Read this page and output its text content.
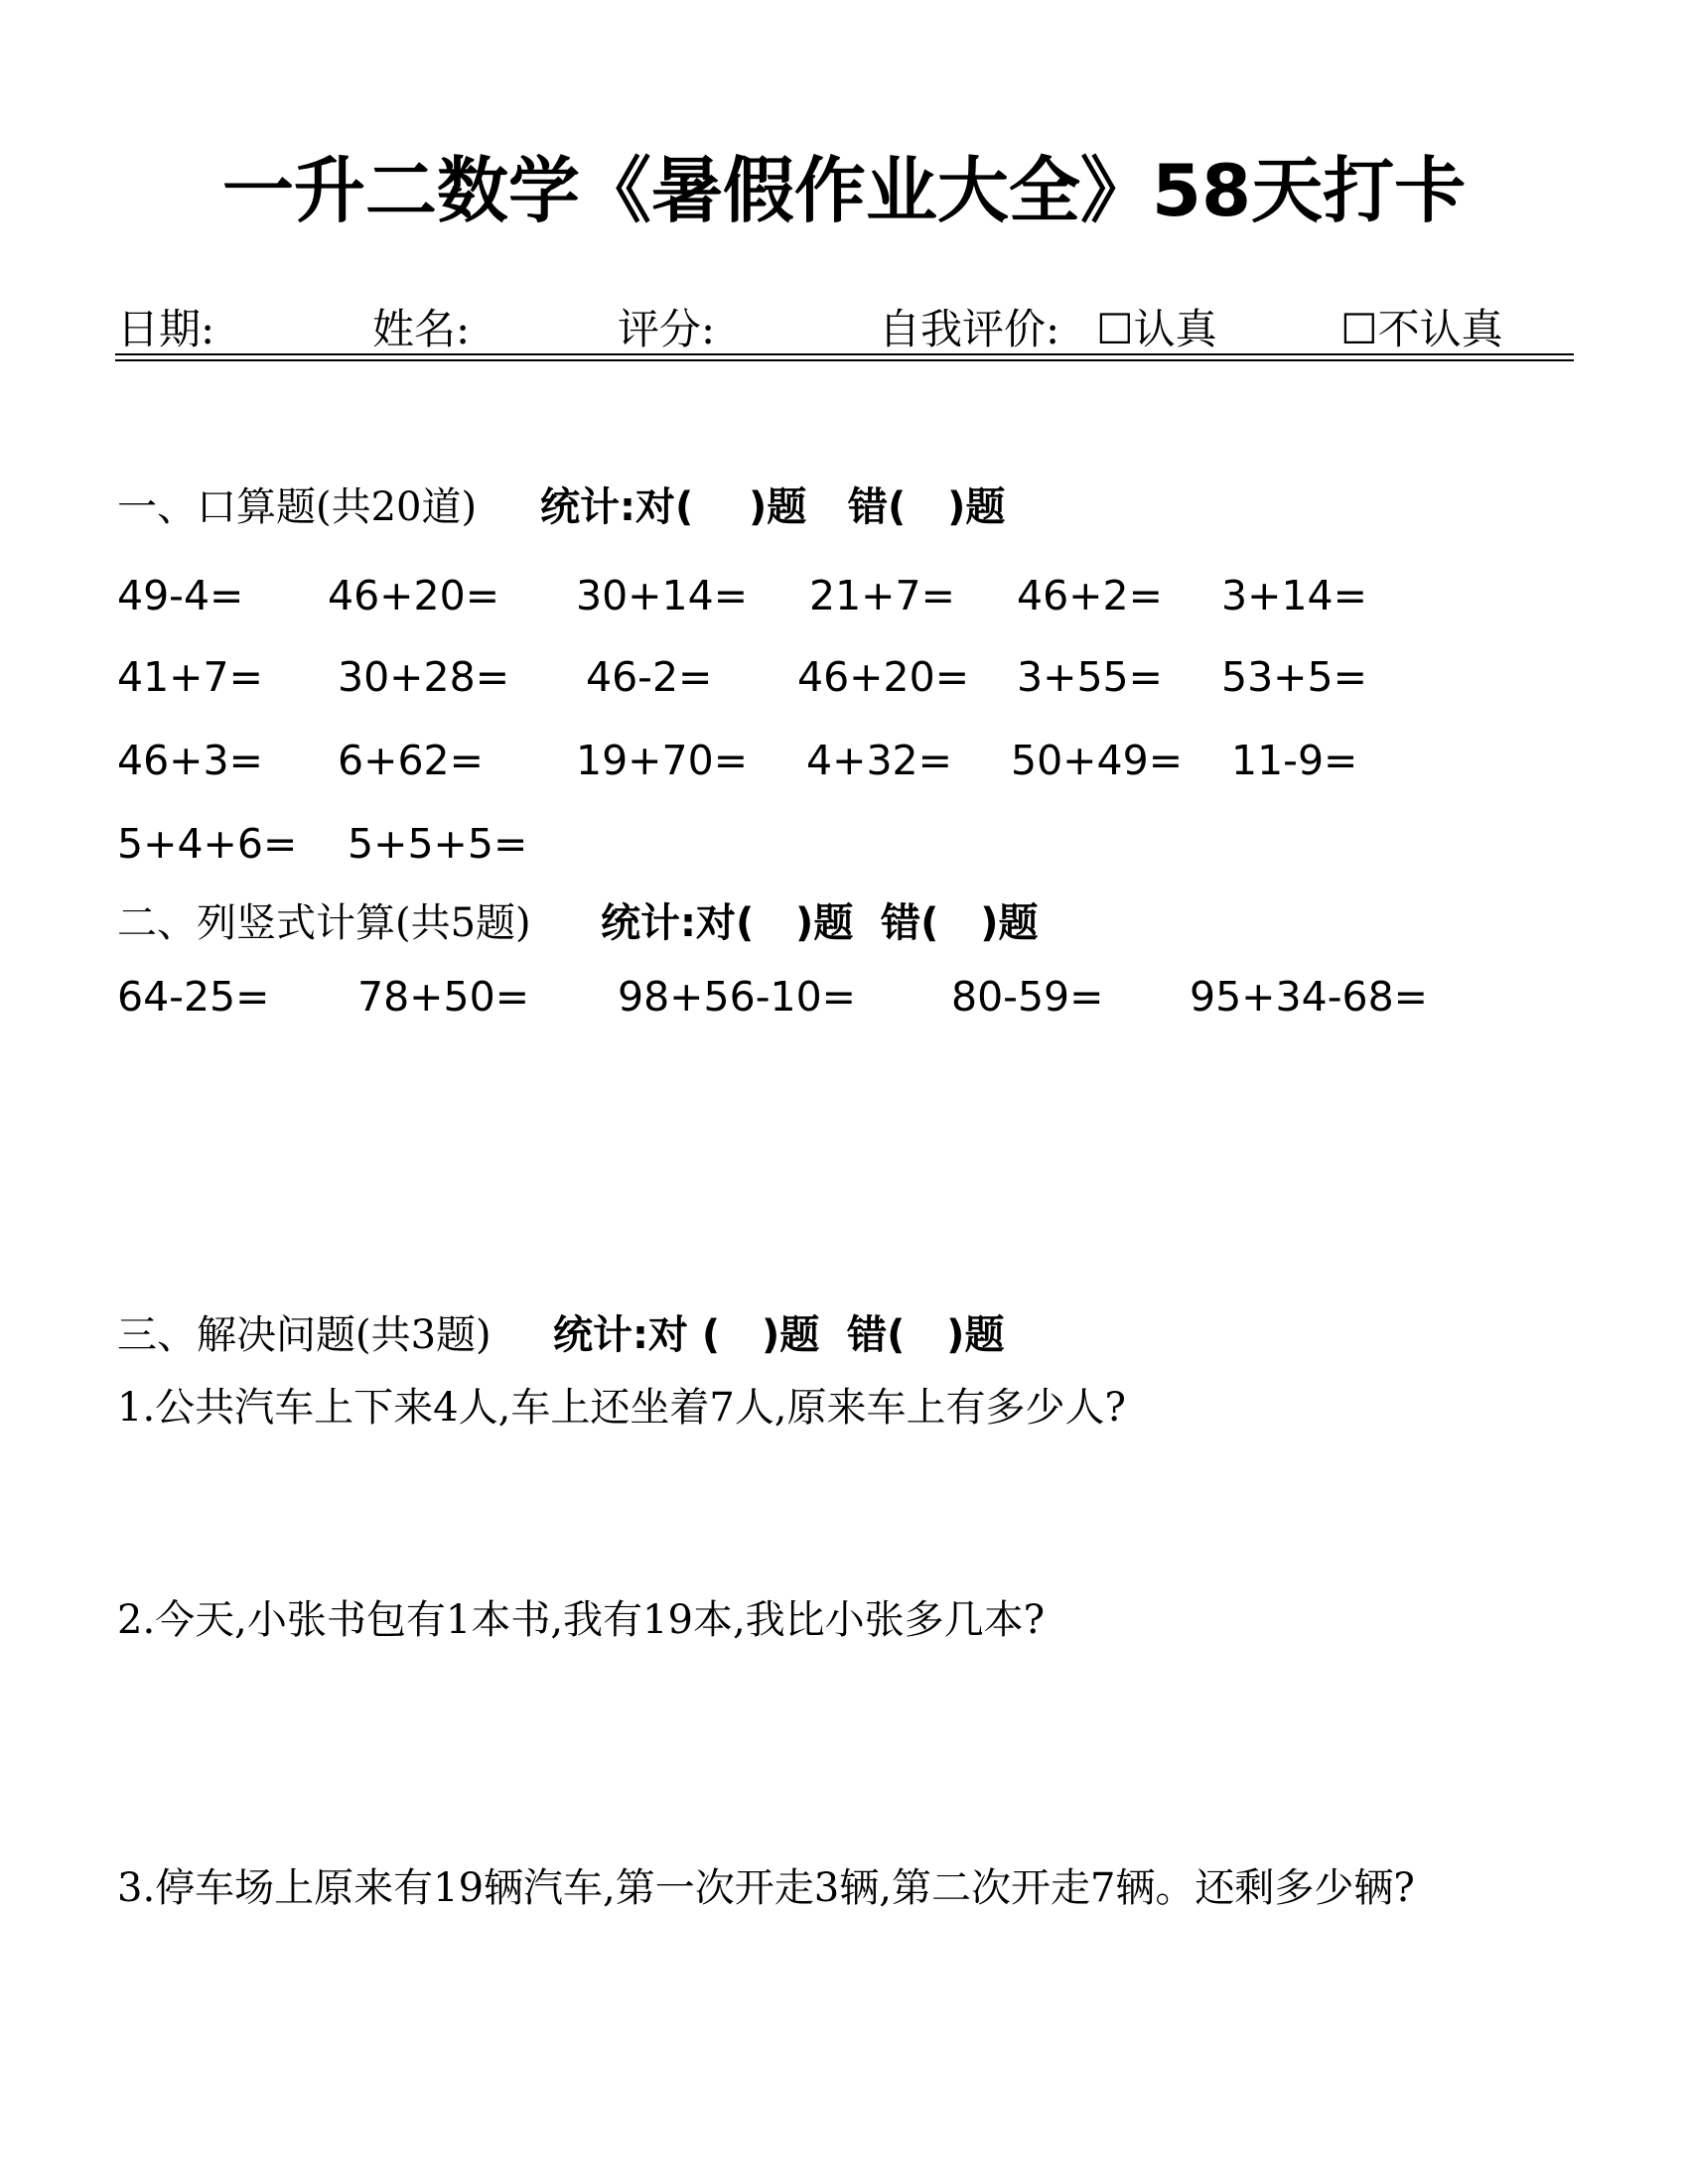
一升二数学《暑假作业大全》58天打卡
日期:	姓名:	评分:	自我评价: ☐认真	☐不认真
一、口算题(共20道) 统计:对(    )题   错(   )题
49-4= 46+20= 30+14= 21+7= 46+2= 3+14=
41+7= 30+28= 46-2= 46+20= 3+55= 53+5=
46+3= 6+62= 19+70= 4+32= 50+49= 11-9=
5+4+6= 5+5+5=
二、列竖式计算(共5题) 统计:对(   )题  错(   )题
64-25= 78+50= 98+56-10= 80-59= 95+34-68=
三、解决问题(共3题) 统计:对 (   )题  错(   )题
1.公共汽车上下来4人,车上还坐着7人,原来车上有多少人?
2.今天,小张书包有1本书,我有19本,我比小张多几本?
3.停车场上原来有19辆汽车,第一次开走3辆,第二次开走7辆。还剩多少辆?
